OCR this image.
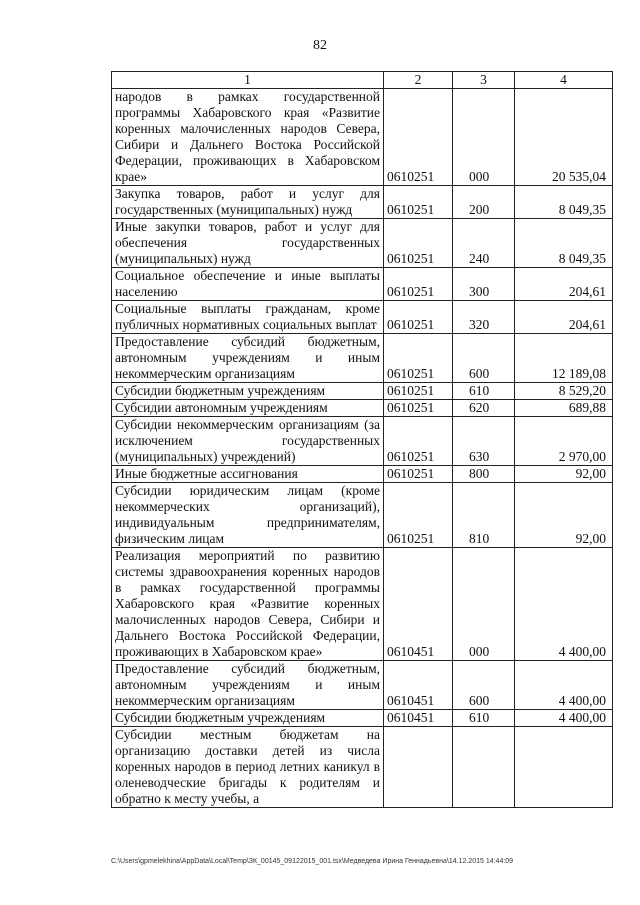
82
1	2	3	4
народов в рамках государственной программы Хабаровского края «Развитие коренных малочисленных народов Севера, Сибири и Дальнего Востока Российской Федерации, проживающих в Хабаровском крае»	0610251	000	20 535,04
Закупка товаров, работ и услуг для государственных (муниципальных) нужд	0610251	200	8 049,35
Иные закупки товаров, работ и услуг для обеспечения государственных (муниципальных) нужд	0610251	240	8 049,35
Социальное обеспечение и иные выплаты населению	0610251	300	204,61
Социальные выплаты гражданам, кроме публичных нормативных социальных выплат	0610251	320	204,61
Предоставление субсидий бюджетным, автономным учреждениям и иным некоммерческим организациям	0610251	600	12 189,08
Субсидии бюджетным учреждениям	0610251	610	8 529,20
Субсидии автономным учреждениям	0610251	620	689,88
Субсидии некоммерческим организациям (за исключением государственных (муниципальных) учреждений)	0610251	630	2 970,00
Иные бюджетные ассигнования	0610251	800	92,00
Субсидии юридическим лицам (кроме некоммерческих организаций), индивидуальным предпринимателям, физическим лицам	0610251	810	92,00
Реализация мероприятий по развитию системы здравоохранения коренных народов в рамках государственной программы Хабаровского края «Развитие коренных малочисленных народов Севера, Сибири и Дальнего Востока Российской Федерации, проживающих в Хабаровском крае»	0610451	000	4 400,00
Предоставление субсидий бюджетным, автономным учреждениям и иным некоммерческим организациям	0610451	600	4 400,00
Субсидии бюджетным учреждениям	0610451	610	4 400,00
Субсидии местным бюджетам на организацию доставки детей из числа коренных народов в период летних каникул в оленеводческие бригады к родителям и обратно к месту учебы, а			
C:\Users\gpmelekhina\AppData\Local\Temp\ЗК_00145_09122015_001.tsx\Медведева Ирина Геннадьевна\14.12.2015 14:44:09
